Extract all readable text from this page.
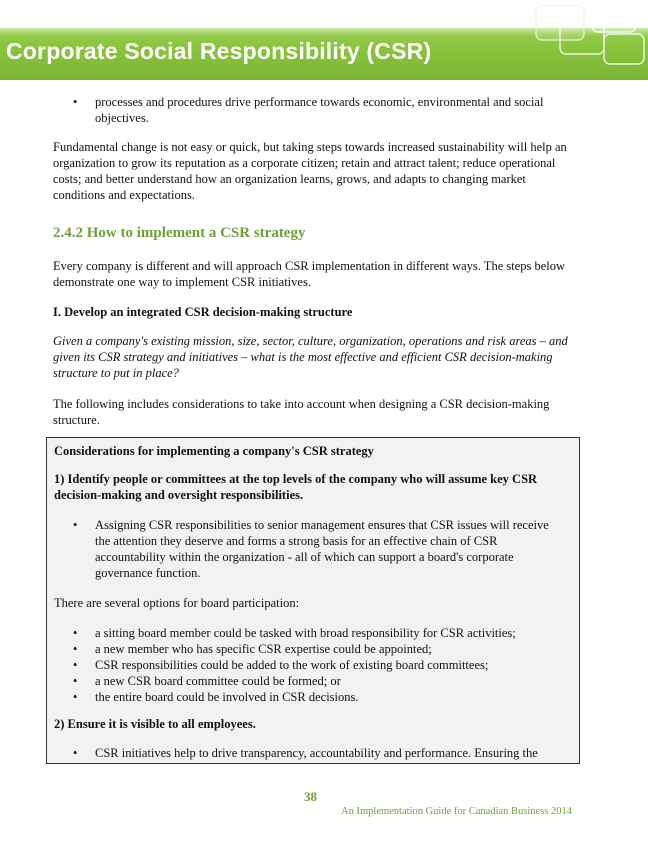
Corporate Social Responsibility (CSR)
• processes and procedures drive performance towards economic, environmental and social objectives.
Fundamental change is not easy or quick, but taking steps towards increased sustainability will help an organization to grow its reputation as a corporate citizen; retain and attract talent; reduce operational costs; and better understand how an organization learns, grows, and adapts to changing market conditions and expectations.
2.4.2 How to implement a CSR strategy
Every company is different and will approach CSR implementation in different ways. The steps below demonstrate one way to implement CSR initiatives.
I. Develop an integrated CSR decision-making structure
Given a company's existing mission, size, sector, culture, organization, operations and risk areas – and given its CSR strategy and initiatives – what is the most effective and efficient CSR decision-making structure to put in place?
The following includes considerations to take into account when designing a CSR decision-making structure.
Considerations for implementing a company's CSR strategy
1) Identify people or committees at the top levels of the company who will assume key CSR decision-making and oversight responsibilities.
• Assigning CSR responsibilities to senior management ensures that CSR issues will receive the attention they deserve and forms a strong basis for an effective chain of CSR accountability within the organization - all of which can support a board's corporate governance function.
There are several options for board participation:
• a sitting board member could be tasked with broad responsibility for CSR activities;
• a new member who has specific CSR expertise could be appointed;
• CSR responsibilities could be added to the work of existing board committees;
• a new CSR board committee could be formed; or
• the entire board could be involved in CSR decisions.
2) Ensure it is visible to all employees.
• CSR initiatives help to drive transparency, accountability and performance. Ensuring the
38
An Implementation Guide for Canadian Business 2014
